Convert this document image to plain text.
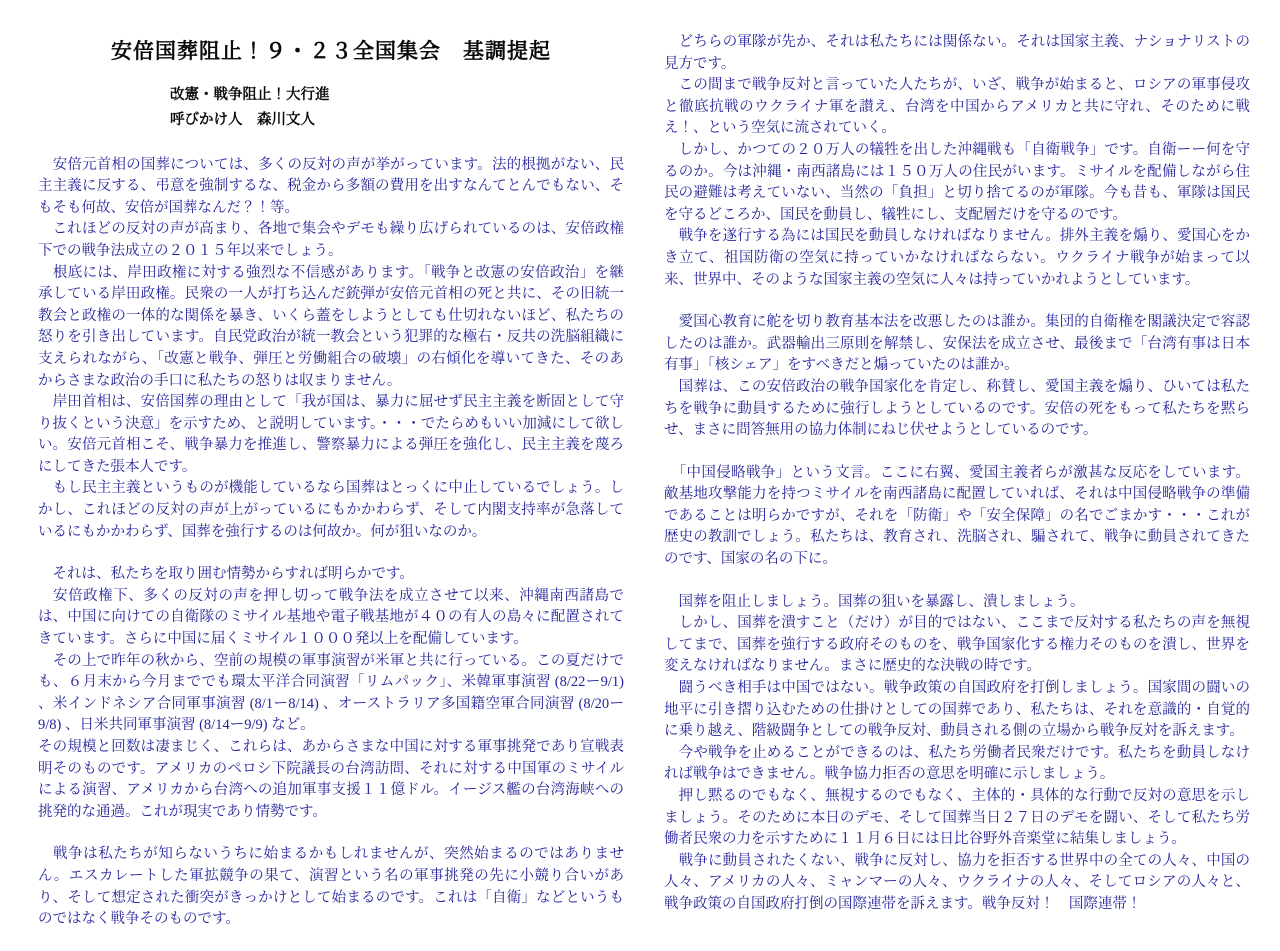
安倍国葬阻止！９・２３全国集会　基調提起
改憲・戦争阻止！大行進
呼びかけ人　森川文人

　安倍元首相の国葬については、多くの反対の声が挙がっています。法的根拠がない、民主主義に反する、弔意を強制するな、税金から多額の費用を出すなんてとんでもない、そもそも何故、安倍が国葬なんだ？！等。

　これほどの反対の声が高まり、各地で集会やデモも繰り広げられているのは、安倍政権下での戦争法成立の２０１５年以来でしょう。

　根底には、岸田政権に対する強烈な不信感があります。「戦争と改憲の安倍政治」を継承している岸田政権。民衆の一人が打ち込んだ銃弾が安倍元首相の死と共に、その旧統一教会と政権の一体的な関係を暴き、いくら蓋をしようとしても仕切れないほど、私たちの怒りを引き出しています。自民党政治が統一教会という犯罪的な極右・反共の洗脳組織に支えられながら、「改憲と戦争、弾圧と労働組合の破壊」の右傾化を導いてきた、そのあからさまな政治の手口に私たちの怒りは収まりません。

　岸田首相は、安倍国葬の理由として「我が国は、暴力に屈せず民主主義を断固として守り抜くという決意」を示すため、と説明しています。・・・でたらめもいい加減にして欲しい。安倍元首相こそ、戦争暴力を推進し、警察暴力による弾圧を強化し、民主主義を蔑ろにしてきた張本人です。

　もし民主主義というものが機能しているなら国葬はとっくに中止しているでしょう。しかし、これほどの反対の声が上がっているにもかかわらず、そして内閣支持率が急落しているにもかかわらず、国葬を強行するのは何故か。何が狙いなのか。

　それは、私たちを取り囲む情勢からすれば明らかです。

　安倍政権下、多くの反対の声を押し切って戦争法を成立させて以来、沖縄南西諸島では、中国に向けての自衛隊のミサイル基地や電子戦基地が４０の有人の島々に配置されてきています。さらに中国に届くミサイル１０００発以上を配備しています。

　その上で昨年の秋から、空前の規模の軍事演習が米軍と共に行っている。この夏だけでも、６月末から今月まででも環太平洋合同演習「リムパック」、米韓軍事演習 (8/22ー9/1) 、米インドネシア合同軍事演習 (8/1ー8/14) 、オーストラリア多国籍空軍合同演習 (8/20ー9/8) 、日米共同軍事演習 (8/14ー9/9) など。

その規模と回数は凄まじく、これらは、あからさまな中国に対する軍事挑発であり宣戦表明そのものです。アメリカのペロシ下院議長の台湾訪問、それに対する中国軍のミサイルによる演習、アメリカから台湾への追加軍事支援１１億ドル。イージス艦の台湾海峡への挑発的な通過。これが現実であり情勢です。

　戦争は私たちが知らないうちに始まるかもしれませんが、突然始まるのではありません。エスカレートした軍拡競争の果て、演習という名の軍事挑発の先に小競り合いがあり、そして想定された衝突がきっかけとして始まるのです。これは「自衛」などというものではなく戦争そのものです。

　どちらの軍隊が先か、それは私たちには関係ない。それは国家主義、ナショナリストの見方です。

　この間まで戦争反対と言っていた人たちが、いざ、戦争が始まると、ロシアの軍事侵攻と徹底抗戦のウクライナ軍を讃え、台湾を中国からアメリカと共に守れ、そのために戦え！、という空気に流されていく。

　しかし、かつての２０万人の犠牲を出した沖縄戦も「自衛戦争」です。自衛ーー何を守るのか。今は沖縄・南西諸島には１５０万人の住民がいます。ミサイルを配備しながら住民の避難は考えていない、当然の「負担」と切り捨てるのが軍隊。今も昔も、軍隊は国民を守るどころか、国民を動員し、犠牲にし、支配層だけを守るのです。

　戦争を遂行する為には国民を動員しなければなりません。排外主義を煽り、愛国心をかき立て、祖国防衛の空気に持っていかなければならない。ウクライナ戦争が始まって以来、世界中、そのような国家主義の空気に人々は持っていかれようとしています。

　愛国心教育に舵を切り教育基本法を改悪したのは誰か。集団的自衛権を閣議決定で容認したのは誰か。武器輸出三原則を解禁し、安保法を成立させ、最後まで「台湾有事は日本有事」「核シェア」をすべきだと煽っていたのは誰か。

　国葬は、この安倍政治の戦争国家化を肯定し、称賛し、愛国主義を煽り、ひいては私たちを戦争に動員するために強行しようとしているのです。安倍の死をもって私たちを黙らせ、まさに問答無用の協力体制にねじ伏せようとしているのです。

　「中国侵略戦争」という文言。ここに右翼、愛国主義者らが激甚な反応をしています。敵基地攻撃能力を持つミサイルを南西諸島に配置していれば、それは中国侵略戦争の準備であることは明らかですが、それを「防衛」や「安全保障」の名でごまかす・・・これが歴史の教訓でしょう。私たちは、教育され、洗脳され、騙されて、戦争に動員されてきたのです、国家の名の下に。

　国葬を阻止しましょう。国葬の狙いを暴露し、潰しましょう。

　しかし、国葬を潰すこと（だけ）が目的ではない、ここまで反対する私たちの声を無視してまで、国葬を強行する政府そのものを、戦争国家化する権力そのものを潰し、世界を変えなければなりません。まさに歴史的な決戦の時です。

　闘うべき相手は中国ではない。戦争政策の自国政府を打倒しましょう。国家間の闘いの地平に引き摺り込むための仕掛けとしての国葬であり、私たちは、それを意識的・自覚的に乗り越え、階級闘争としての戦争反対、動員される側の立場から戦争反対を訴えます。

　今や戦争を止めることができるのは、私たち労働者民衆だけです。私たちを動員しなければ戦争はできません。戦争協力拒否の意思を明確に示しましょう。

　押し黙るのでもなく、無視するのでもなく、主体的・具体的な行動で反対の意思を示しましょう。そのために本日のデモ、そして国葬当日２７日のデモを闘い、そして私たち労働者民衆の力を示すために１１月６日には日比谷野外音楽堂に結集しましょう。

　戦争に動員されたくない、戦争に反対し、協力を拒否する世界中の全ての人々、中国の人々、アメリカの人々、ミャンマーの人々、ウクライナの人々、そしてロシアの人々と、戦争政策の自国政府打倒の国際連帯を訴えます。戦争反対！　国際連帯！
